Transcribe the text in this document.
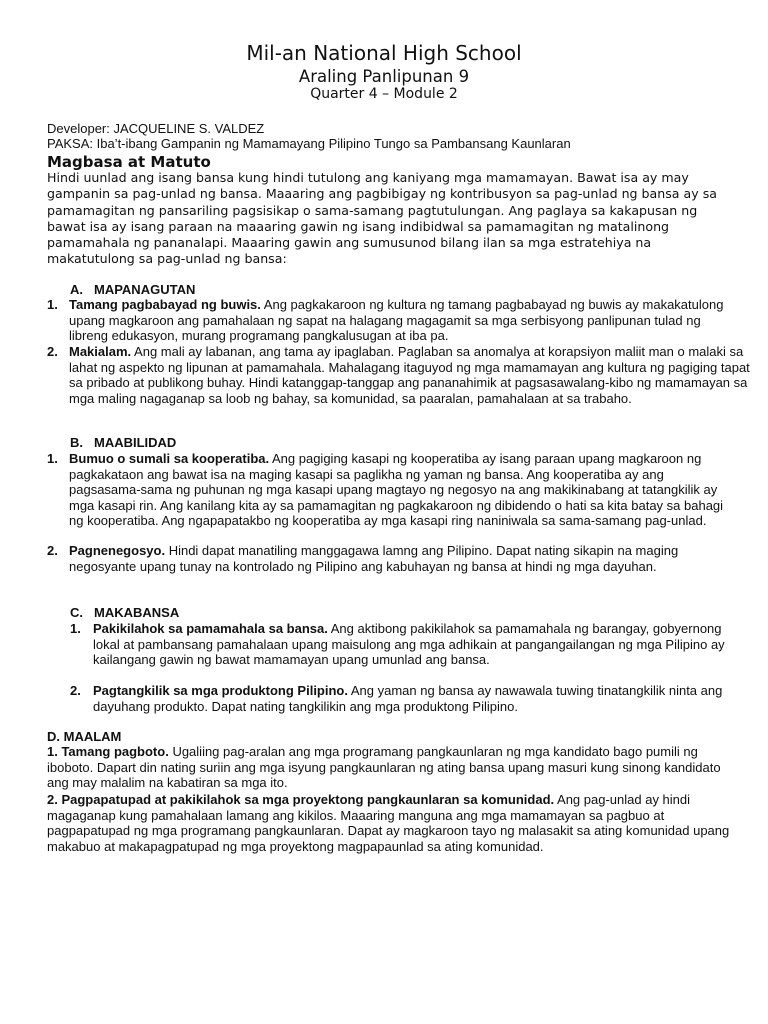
Mil-an National High School
Araling Panlipunan 9
Quarter 4 – Module 2
Developer: JACQUELINE S. VALDEZ
PAKSA: Iba’t-ibang Gampanin ng Mamamayang Pilipino Tungo sa Pambansang Kaunlaran
Magbasa at Matuto
Hindi uunlad ang isang bansa kung hindi tutulong ang kaniyang mga mamamayan. Bawat isa ay may gampanin sa pag-unlad ng bansa. Maaaring ang pagbibigay ng kontribusyon sa pag-unlad ng bansa ay sa pamamagitan ng pansariling pagsisikap o sama-samang pagtutulungan. Ang paglaya sa kakapusan ng bawat isa ay isang paraan na maaaring gawin ng isang indibidwal sa pamamagitan ng matalinong pamamahala ng pananalapi. Maaaring gawin ang sumusunod bilang ilan sa mga estratehiya na makatutulong sa pag-unlad ng bansa:
A. MAPANAGUTAN
1. Tamang pagbabayad ng buwis. Ang pagkakaroon ng kultura ng tamang pagbabayad ng buwis ay makakatulong upang magkaroon ang pamahalaan ng sapat na halagang magagamit sa mga serbisyong panlipunan tulad ng libreng edukasyon, murang programang pangkalusugan at iba pa.
2. Makialam. Ang mali ay labanan, ang tama ay ipaglaban. Paglaban sa anomalya at korapsiyon maliit man o malaki sa lahat ng aspekto ng lipunan at pamamahala. Mahalagang itaguyod ng mga mamamayan ang kultura ng pagiging tapat sa pribado at publikong buhay. Hindi katanggap-tanggap ang pananahimik at pagsasawalang-kibo ng mamamayan sa mga maling nagaganap sa loob ng bahay, sa komunidad, sa paaralan, pamahalaan at sa trabaho.
B. MAABILIDAD
1. Bumuo o sumali sa kooperatiba. Ang pagiging kasapi ng kooperatiba ay isang paraan upang magkaroon ng pagkakataon ang bawat isa na maging kasapi sa paglikha ng yaman ng bansa. Ang kooperatiba ay ang pagsasama-sama ng puhunan ng mga kasapi upang magtayo ng negosyo na ang makikinabang at tatangkilik ay mga kasapi rin. Ang kanilang kita ay sa pamamagitan ng pagkakaroon ng dibidendo o hati sa kita batay sa bahagi ng kooperatiba. Ang ngapapatakbo ng kooperatiba ay mga kasapi ring naniniwala sa sama-samang pag-unlad.
2. Pagnenegosyo. Hindi dapat manatiling manggagawa lamng ang Pilipino. Dapat nating sikapin na maging negosyante upang tunay na kontrolado ng Pilipino ang kabuhayan ng bansa at hindi ng mga dayuhan.
C. MAKABANSA
1. Pakikilahok sa pamamahala sa bansa. Ang aktibong pakikilahok sa pamamahala ng barangay, gobyernong lokal at pambansang pamahalaan upang maisulong ang mga adhikain at pangangailangan ng mga Pilipino ay kailangang gawin ng bawat mamamayan upang umunlad ang bansa.
2. Pagtangkilik sa mga produktong Pilipino. Ang yaman ng bansa ay nawawala tuwing tinatangkilik ninta ang dayuhang produkto. Dapat nating tangkilikin ang mga produktong Pilipino.
D. MAALAM
1. Tamang pagboto. Ugaliing pag-aralan ang mga programang pangkaunlaran ng mga kandidato bago pumili ng iboboto. Dapart din nating suriin ang mga isyung pangkaunlaran ng ating bansa upang masuri kung sinong kandidato ang may malalim na kabatiran sa mga ito.
2. Pagpapatupad at pakikilahok sa mga proyektong pangkaunlaran sa komunidad. Ang pag-unlad ay hindi magaganap kung pamahalaan lamang ang kikilos. Maaaring manguna ang mga mamamayan sa pagbuo at pagpapatupad ng mga programang pangkaunlaran. Dapat ay magkaroon tayo ng malasakit sa ating komunidad upang makabuo at makapagpatupad ng mga proyektong magpapaunlad sa ating komunidad.
